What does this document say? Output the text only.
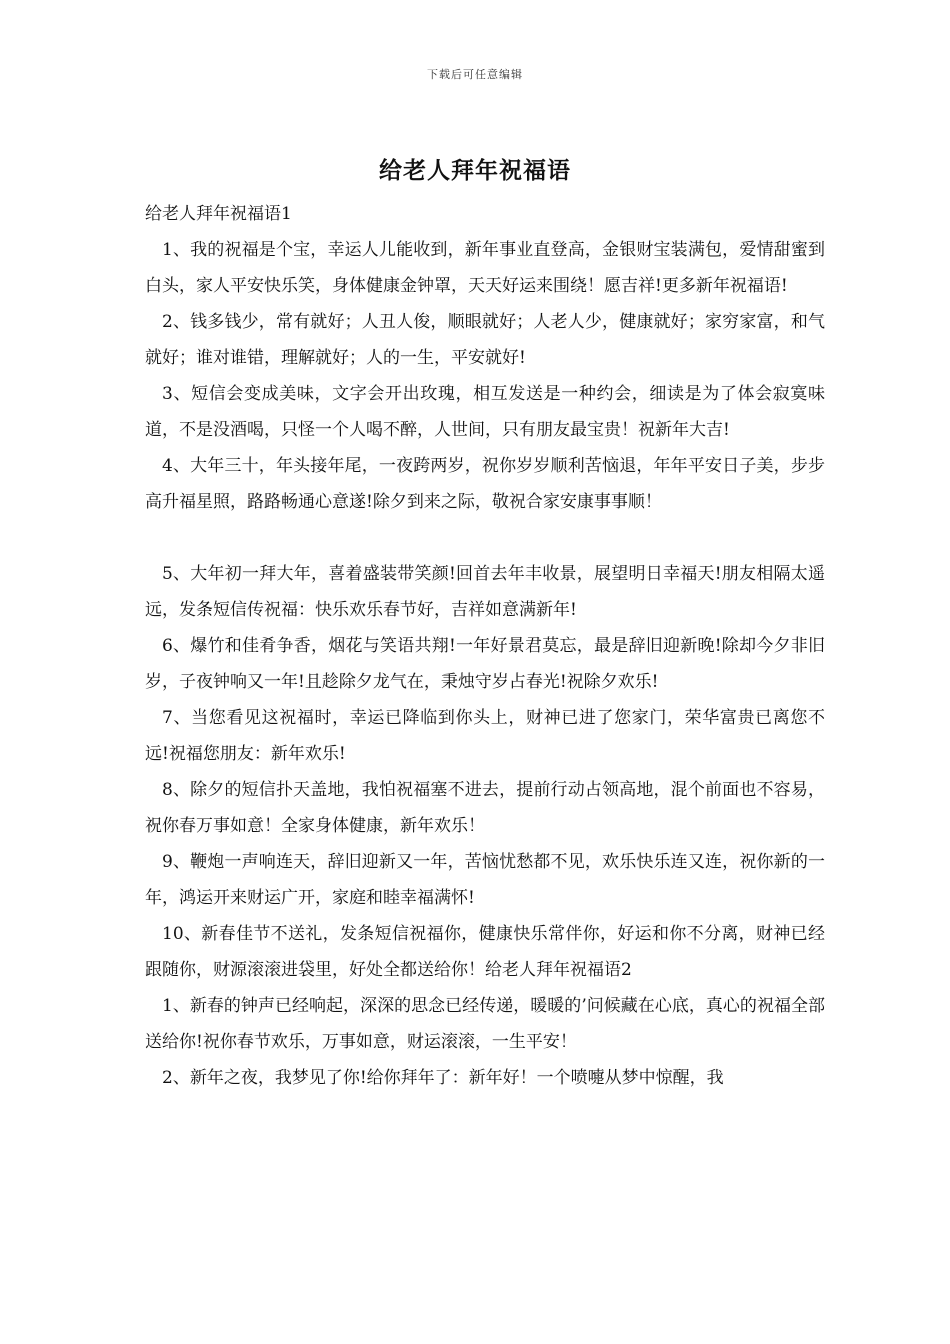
下载后可任意编辑
给老人拜年祝福语

给老人拜年祝福语1

1、我的祝福是个宝，幸运人儿能收到，新年事业直登高，金银财宝装满包，爱情甜蜜到白头，家人平安快乐笑，身体健康金钟罩，天天好运来围绕！愿吉祥!更多新年祝福语!

2、钱多钱少，常有就好；人丑人俊，顺眼就好；人老人少，健康就好；家穷家富，和气就好；谁对谁错，理解就好；人的一生，平安就好!

3、短信会变成美味，文字会开出玫瑰，相互发送是一种约会，细读是为了体会寂寞味道，不是没酒喝，只怪一个人喝不醉，人世间，只有朋友最宝贵！祝新年大吉!

4、大年三十，年头接年尾，一夜跨两岁，祝你岁岁顺利苦恼退，年年平安日子美，步步高升福星照，路路畅通心意遂!除夕到来之际，敬祝合家安康事事顺！

5、大年初一拜大年，喜着盛装带笑颜!回首去年丰收景，展望明日幸福天!朋友相隔太遥远，发条短信传祝福：快乐欢乐春节好，吉祥如意满新年!

6、爆竹和佳肴争香，烟花与笑语共翔!一年好景君莫忘，最是辞旧迎新晚!除却今夕非旧岁，子夜钟响又一年!且趁除夕龙气在，秉烛守岁占春光!祝除夕欢乐!

7、当您看见这祝福时，幸运已降临到你头上，财神已进了您家门，荣华富贵已离您不远!祝福您朋友：新年欢乐!

8、除夕的短信扑天盖地，我怕祝福塞不进去，提前行动占领高地，混个前面也不容易，祝你春万事如意！全家身体健康，新年欢乐！

9、鞭炮一声响连天，辞旧迎新又一年，苦恼忧愁都不见，欢乐快乐连又连，祝你新的一年，鸿运开来财运广开，家庭和睦幸福满怀!

10、新春佳节不送礼，发条短信祝福你，健康快乐常伴你，好运和你不分离，财神已经跟随你，财源滚滚进袋里，好处全都送给你！给老人拜年祝福语2

1、新春的钟声已经响起，深深的思念已经传递，暖暖的’问候藏在心底，真心的祝福全部送给你!祝你春节欢乐，万事如意，财运滚滚，一生平安！

2、新年之夜，我梦见了你!给你拜年了：新年好！一个喷嚏从梦中惊醒，我
